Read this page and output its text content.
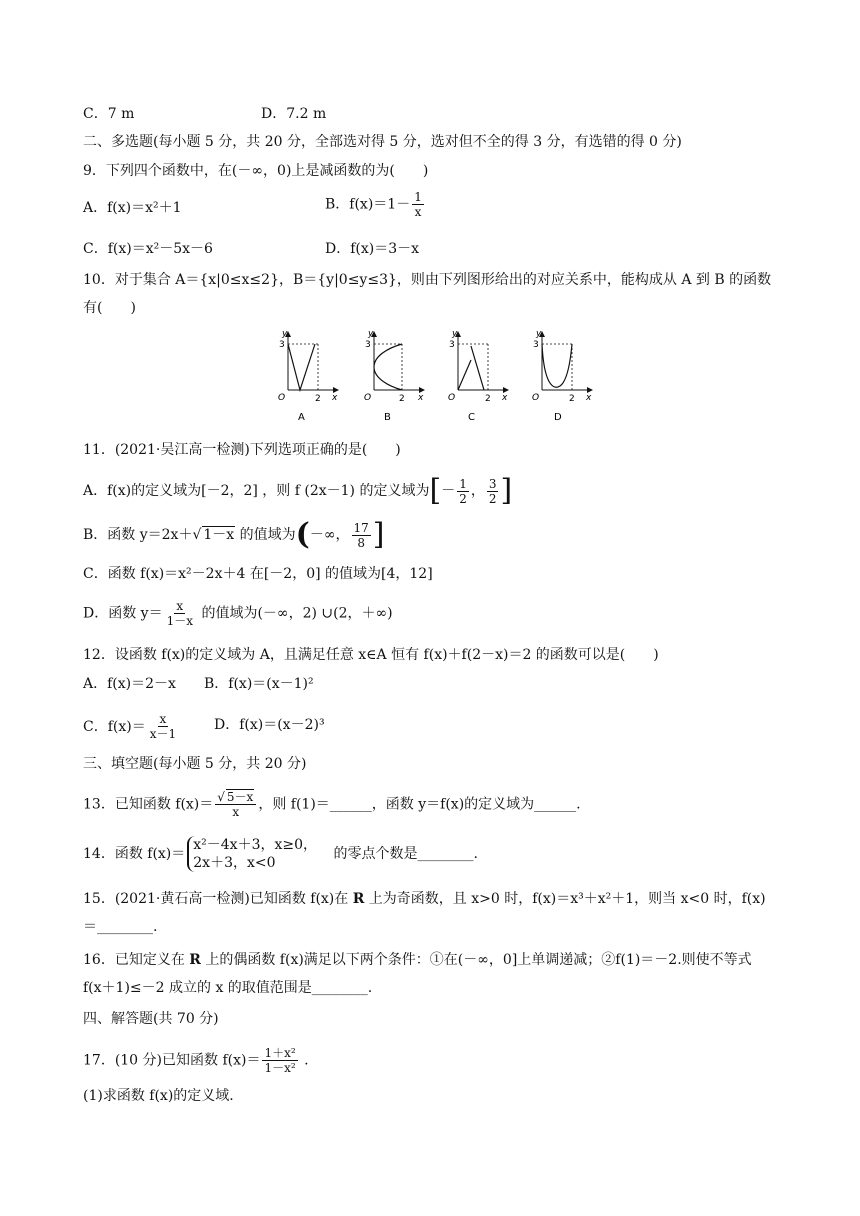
C．7 m	D．7.2 m
二、多选题(每小题 5 分，共 20 分，全部选对得 5 分，选对但不全的得 3 分，有选错的得 0 分)
9．下列四个函数中，在(－∞，0)上是减函数的为(　　)
A．f(x)＝x²＋1	B．$f(x)=1- \frac{1}{x}$
C．f(x)＝x²－5x－6	D．f(x)＝3－x
10．对于集合 A＝{x|0≤x≤2}，B＝{y|0≤y≤3}，则由下列图形给出的对应关系中，能构成从 A 到 B 的函数
有(　　)
y
x
O
3
2
A
y
x
O
3
2
B
y
x
O
3
2
C
y
x
O
3
2
D
11．(2021·吴江高一检测)下列选项正确的是(　　)
A．f(x)的定义域为[－2，2] ，则 f (2x－1) 的定义域为[－ $\frac{1}{2}$ ， $\frac{3}{2}$ ]
B．函数 y＝2x＋√ 1－x 的值域为(－∞， $\frac{17}{8}$ ]
C．函数 f(x)＝x²－2x＋4 在[－2，0] 的值域为[4，12]
D．函数 $y= \frac{x}{1-x}$ 的值域为(－∞，2) ∪(2，＋∞)
12．设函数 f(x)的定义域为 A，且满足任意 x∈A 恒有 f(x)＋f(2－x)＝2 的函数可以是(　　)
A．f(x)＝2－x B．f(x)＝(x－1)²
C．$f(x)= \frac{x}{x-1}$	D．f(x)＝(x－2)³
三、填空题(每小题 5 分，共 20 分)
13．已知函数 $f(x)= \frac{√ 5-x}{x}$ ，则 f(1)＝______，函数 y＝f(x)的定义域为______.
14．函数 f(x)＝
x²－4x＋3，x≥0，
2x＋3，x<0
的零点个数是________.
15．(2021·黄石高一检测)已知函数 f(x)在 R 上为奇函数，且 x>0 时，f(x)＝x³＋x²＋1，则当 x<0 时，f(x)
＝________.
16．已知定义在 R 上的偶函数 f(x)满足以下两个条件：①在(－∞，0]上单调递减；②f(1)＝－2.则使不等式
f(x＋1)≤－2 成立的 x 的取值范围是________.
四、解答题(共 70 分)
17．(10 分)已知函数 $f(x)= \frac{\text{1＋x²}}{\text{1－x²}}$ .
(1)求函数 f(x)的定义域.
